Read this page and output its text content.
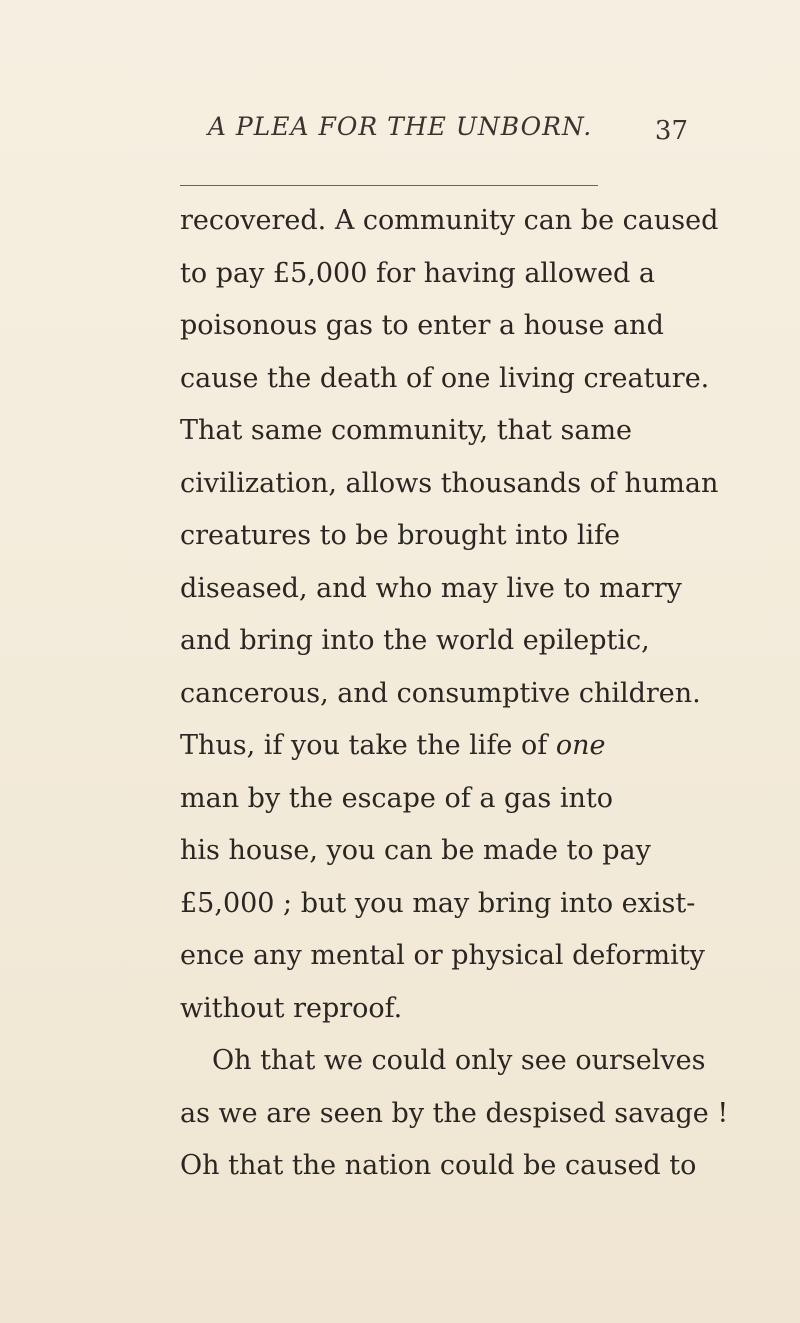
A PLEA FOR THE UNBORN.	37
recovered. A community can be caused
to pay £5,000 for having allowed a
poisonous gas to enter a house and
cause the death of one living creature.
That same community, that same
civilization, allows thousands of human
creatures to be brought into life
diseased, and who may live to marry
and bring into the world epileptic,
cancerous, and consumptive children.
Thus, if you take the life of one
man by the escape of a gas into
his house, you can be made to pay
£5,000 ; but you may bring into exist-
ence any mental or physical deformity
without reproof.
Oh that we could only see ourselves
as we are seen by the despised savage !
Oh that the nation could be caused to
